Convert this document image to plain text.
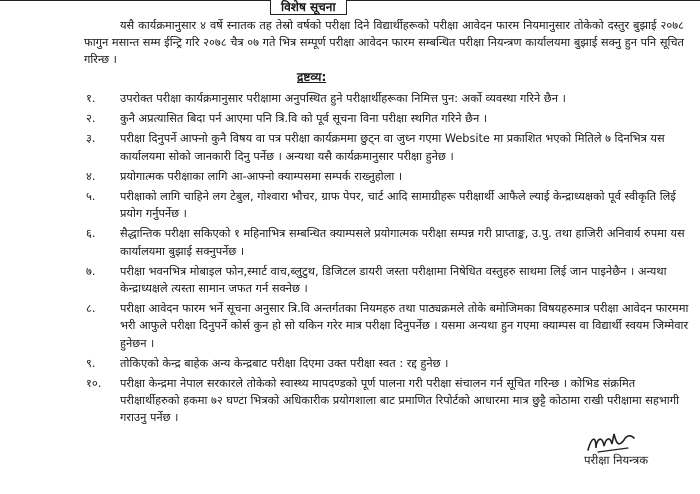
विशेष सूचना

यसै कार्यक्रमानुसार ४ वर्षे स्नातक तह तेस्रो वर्षको परीक्षा दिने विद्यार्थीहरूको परीक्षा आवेदन फारम नियमानुसार तोकेको दस्तुर बुझाई २०७८ फागुन मसान्त सम्म ईन्ट्रि गरि २०७८ चैत्र ०७ गते भित्र सम्पूर्ण परीक्षा आवेदन फारम सम्बन्धित परीक्षा नियन्त्रण कार्यालयमा बुझाई सक्नु हुन पनि सूचित गरिन्छ ।

द्रष्टव्य:
१.	उपरोक्त परीक्षा कार्यक्रमानुसार परीक्षामा अनुपस्थित हुने परीक्षार्थीहरूका निमित्त पुन: अर्को व्यवस्था गरिने छैन ।
२.	कुनै अप्रत्यासित बिदा पर्न आएमा पनि त्रि.वि को पूर्व सूचना विना परीक्षा स्थगित गरिने छैन ।
३.	परीक्षा दिनुपर्ने आफ्नो कुनै विषय वा पत्र परीक्षा कार्यक्रममा छुट्न वा जुध्न गएमा Website मा प्रकाशित भएको मितिले ७ दिनभित्र यस कार्यालयमा सोको जानकारी दिनु पर्नेछ । अन्यथा यसै कार्यक्रमानुसार परीक्षा हुनेछ ।
४.	प्रयोगात्मक परीक्षाका लागि आ-आफ्नो क्याम्पसमा सम्पर्क राख्नुहोला ।
५.	परीक्षाको लागि चाहिने लग टेबुल, गोश्वारा भौचर, ग्राफ पेपर, चार्ट आदि सामाग्रीहरू परीक्षार्थी आफैले ल्याई केन्द्राध्यक्षको पूर्व स्वीकृति लिई प्रयोग गर्नुपर्नेछ ।
६.	सैद्धान्तिक परीक्षा सकिएको १ महिनाभित्र सम्बन्धित क्याम्पसले प्रयोगात्मक परीक्षा सम्पन्न गरी प्राप्ताङ्क, उ.पु. तथा हाजिरी अनिवार्य रुपमा यस कार्यालयमा बुझाई सक्नुपर्नेछ ।
७.	परीक्षा भवनभित्र मोबाइल फोन,स्मार्ट वाच,ब्लुटुथ, डिजिटल डायरी जस्ता परीक्षामा निषेधित वस्तुहरु साथमा लिई जान पाइनेछैन । अन्यथा केन्द्राध्यक्षले त्यस्ता सामान जफत गर्न सक्नेछ ।
८.	परीक्षा आवेदन फारम भर्ने सूचना अनुसार त्रि.वि अन्तर्गतका नियमहरु तथा पाठ्यक्रमले तोके बमोजिमका विषयहरुमात्र परीक्षा आवेदन फारममा भरी आफुले परीक्षा दिनुपर्ने कोर्स कुन हो सो यकिन गरेर मात्र परीक्षा दिनुपर्नेछ । यसमा अन्यथा हुन गएमा क्याम्पस वा विद्यार्थी स्वयम जिम्मेवार हुनेछन ।
९.	तोकिएको केन्द्र बाहेक अन्य केन्द्रबाट परीक्षा दिएमा उक्त परीक्षा स्वत : रद्द हुनेछ ।
१०.	परीक्षा केन्द्रमा नेपाल सरकारले तोकेको स्वास्थ्य मापदण्डको पूर्ण पालना गरी परीक्षा संचालन गर्न सूचित गरिन्छ । कोभिड संक्रमित परीक्षार्थीहरुको हकमा ७२ घण्टा भित्रको अधिकारीक प्रयोगशाला बाट प्रमाणित रिपोर्टको आधारमा मात्र छुट्टै कोठामा राखी परीक्षामा सहभागी गराउनु पर्नेछ ।
परीक्षा नियन्त्रक
